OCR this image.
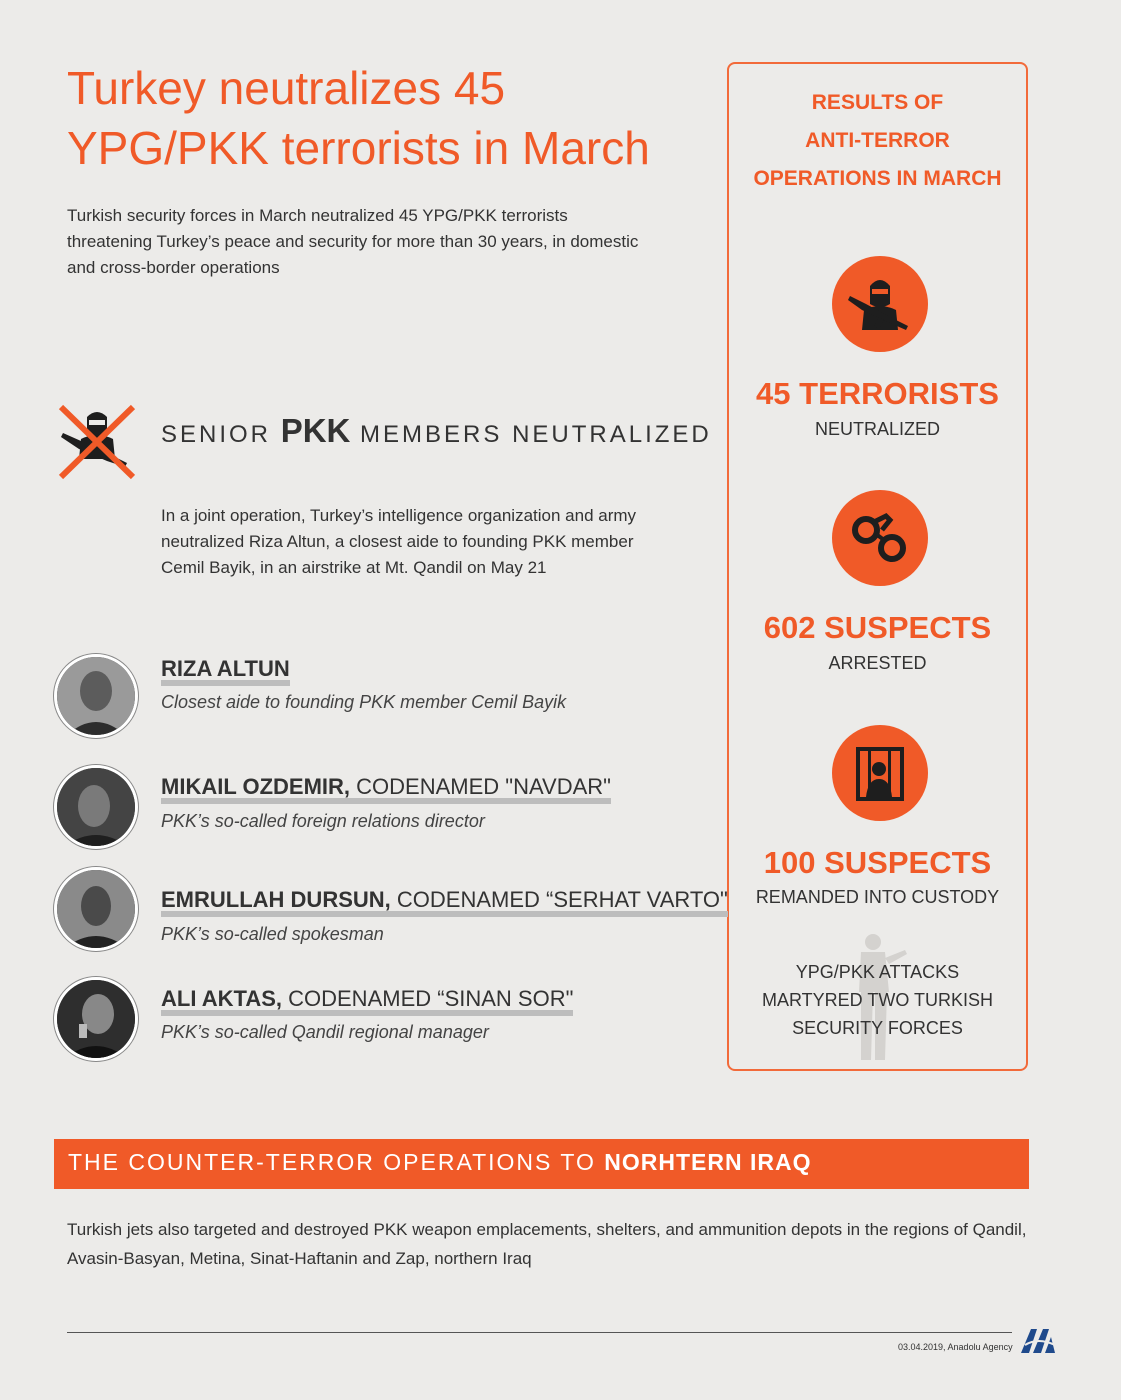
Turkey neutralizes 45 YPG/PKK terrorists in March
Turkish security forces in March neutralized 45 YPG/PKK terrorists threatening Turkey’s peace and security for more than 30 years, in domestic and cross-border operations
RESULTS OF
ANTI-TERROR
OPERATIONS IN MARCH
45 TERRORISTS
NEUTRALIZED
602 SUSPECTS
ARRESTED
100 SUSPECTS
REMANDED INTO CUSTODY
YPG/PKK ATTACKS
MARTYRED TWO TURKISH
SECURITY FORCES
SENIOR PKK MEMBERS NEUTRALIZED
In a joint operation, Turkey’s intelligence organization and army neutralized Riza Altun, a closest aide to founding PKK member Cemil Bayik, in an airstrike at Mt. Qandil on May 21
RIZA ALTUN
Closest aide to founding PKK member Cemil Bayik
MIKAIL OZDEMIR, CODENAMED "NAVDAR"
PKK’s so-called foreign relations director
EMRULLAH DURSUN, CODENAMED “SERHAT VARTO"
PKK’s so-called spokesman
ALI AKTAS, CODENAMED “SINAN SOR"
PKK’s so-called Qandil regional manager
THE COUNTER-TERROR OPERATIONS TO NORHTERN IRAQ
Turkish jets also targeted and destroyed PKK weapon emplacements, shelters, and ammunition depots in the regions of Qandil, Avasin-Basyan, Metina, Sinat-Haftanin and Zap, northern Iraq
03.04.2019, Anadolu Agency
